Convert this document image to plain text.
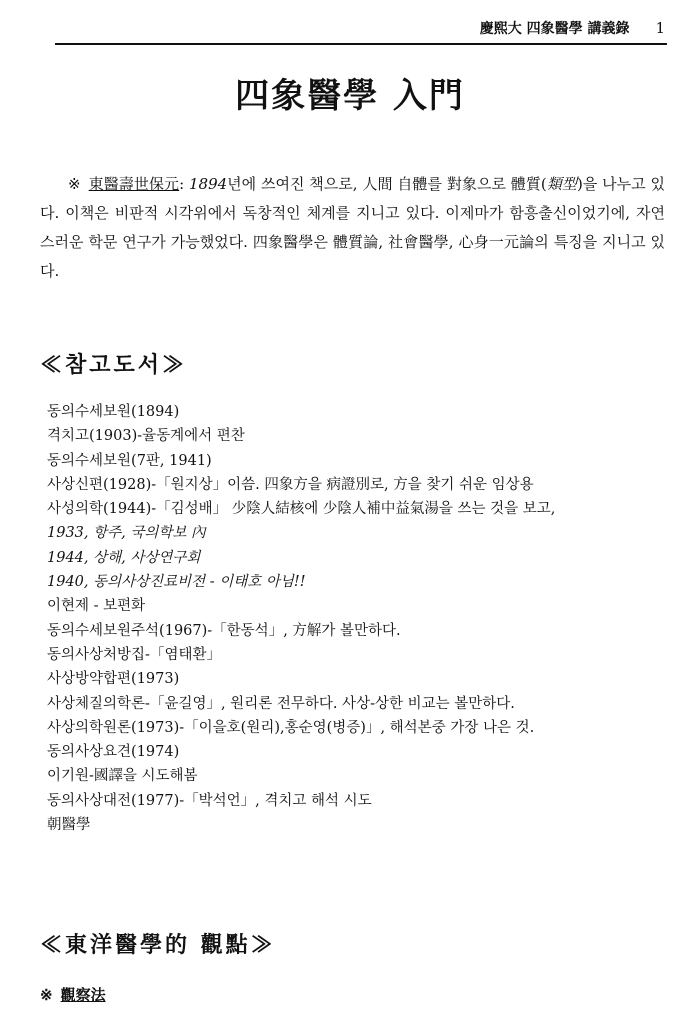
慶熙大 四象醫學 講義錄 1
四象醫學 入門
※ 東醫壽世保元: 1894년에 쓰여진 책으로, 人間 自體를 對象으로 體質(類型)을 나누고 있다. 이책은 비판적 시각위에서 독창적인 체계를 지니고 있다. 이제마가 함흥출신이었기에, 자연스러운 학문 연구가 가능했었다. 四象醫學은 體質論, 社會醫學, 心身一元論의 특징을 지니고 있다.
≪참고도서≫
동의수세보원(1894)
격치고(1903)-율동계에서 편찬
동의수세보원(7판, 1941)
사상신편(1928)-「원지상」이씀. 四象方을 病證別로, 方을 찾기 쉬운 임상용
사성의학(1944)-「김성배」 少陰人結核에 少陰人補中益氣湯을 쓰는 것을 보고,
1933, 항주, 국의학보 內
1944, 상해, 사상연구회
1940, 동의사상진료비전 - 이태호 아님!!
이현제 - 보편화
동의수세보원주석(1967)-「한동석」, 方解가 볼만하다.
동의사상처방집-「염태환」
사상방약합편(1973)
사상체질의학론-「윤길영」, 원리론 전무하다. 사상-상한 비교는 볼만하다.
사상의학원론(1973)-「이을호(원리),홍순영(병증)」, 해석본중 가장 나은 것.
동의사상요견(1974)
이기원-國譯을 시도해봄
동의사상대전(1977)-「박석언」, 격치고 해석 시도
朝醫學
≪東洋醫學的 觀點≫
※ 觀察法
